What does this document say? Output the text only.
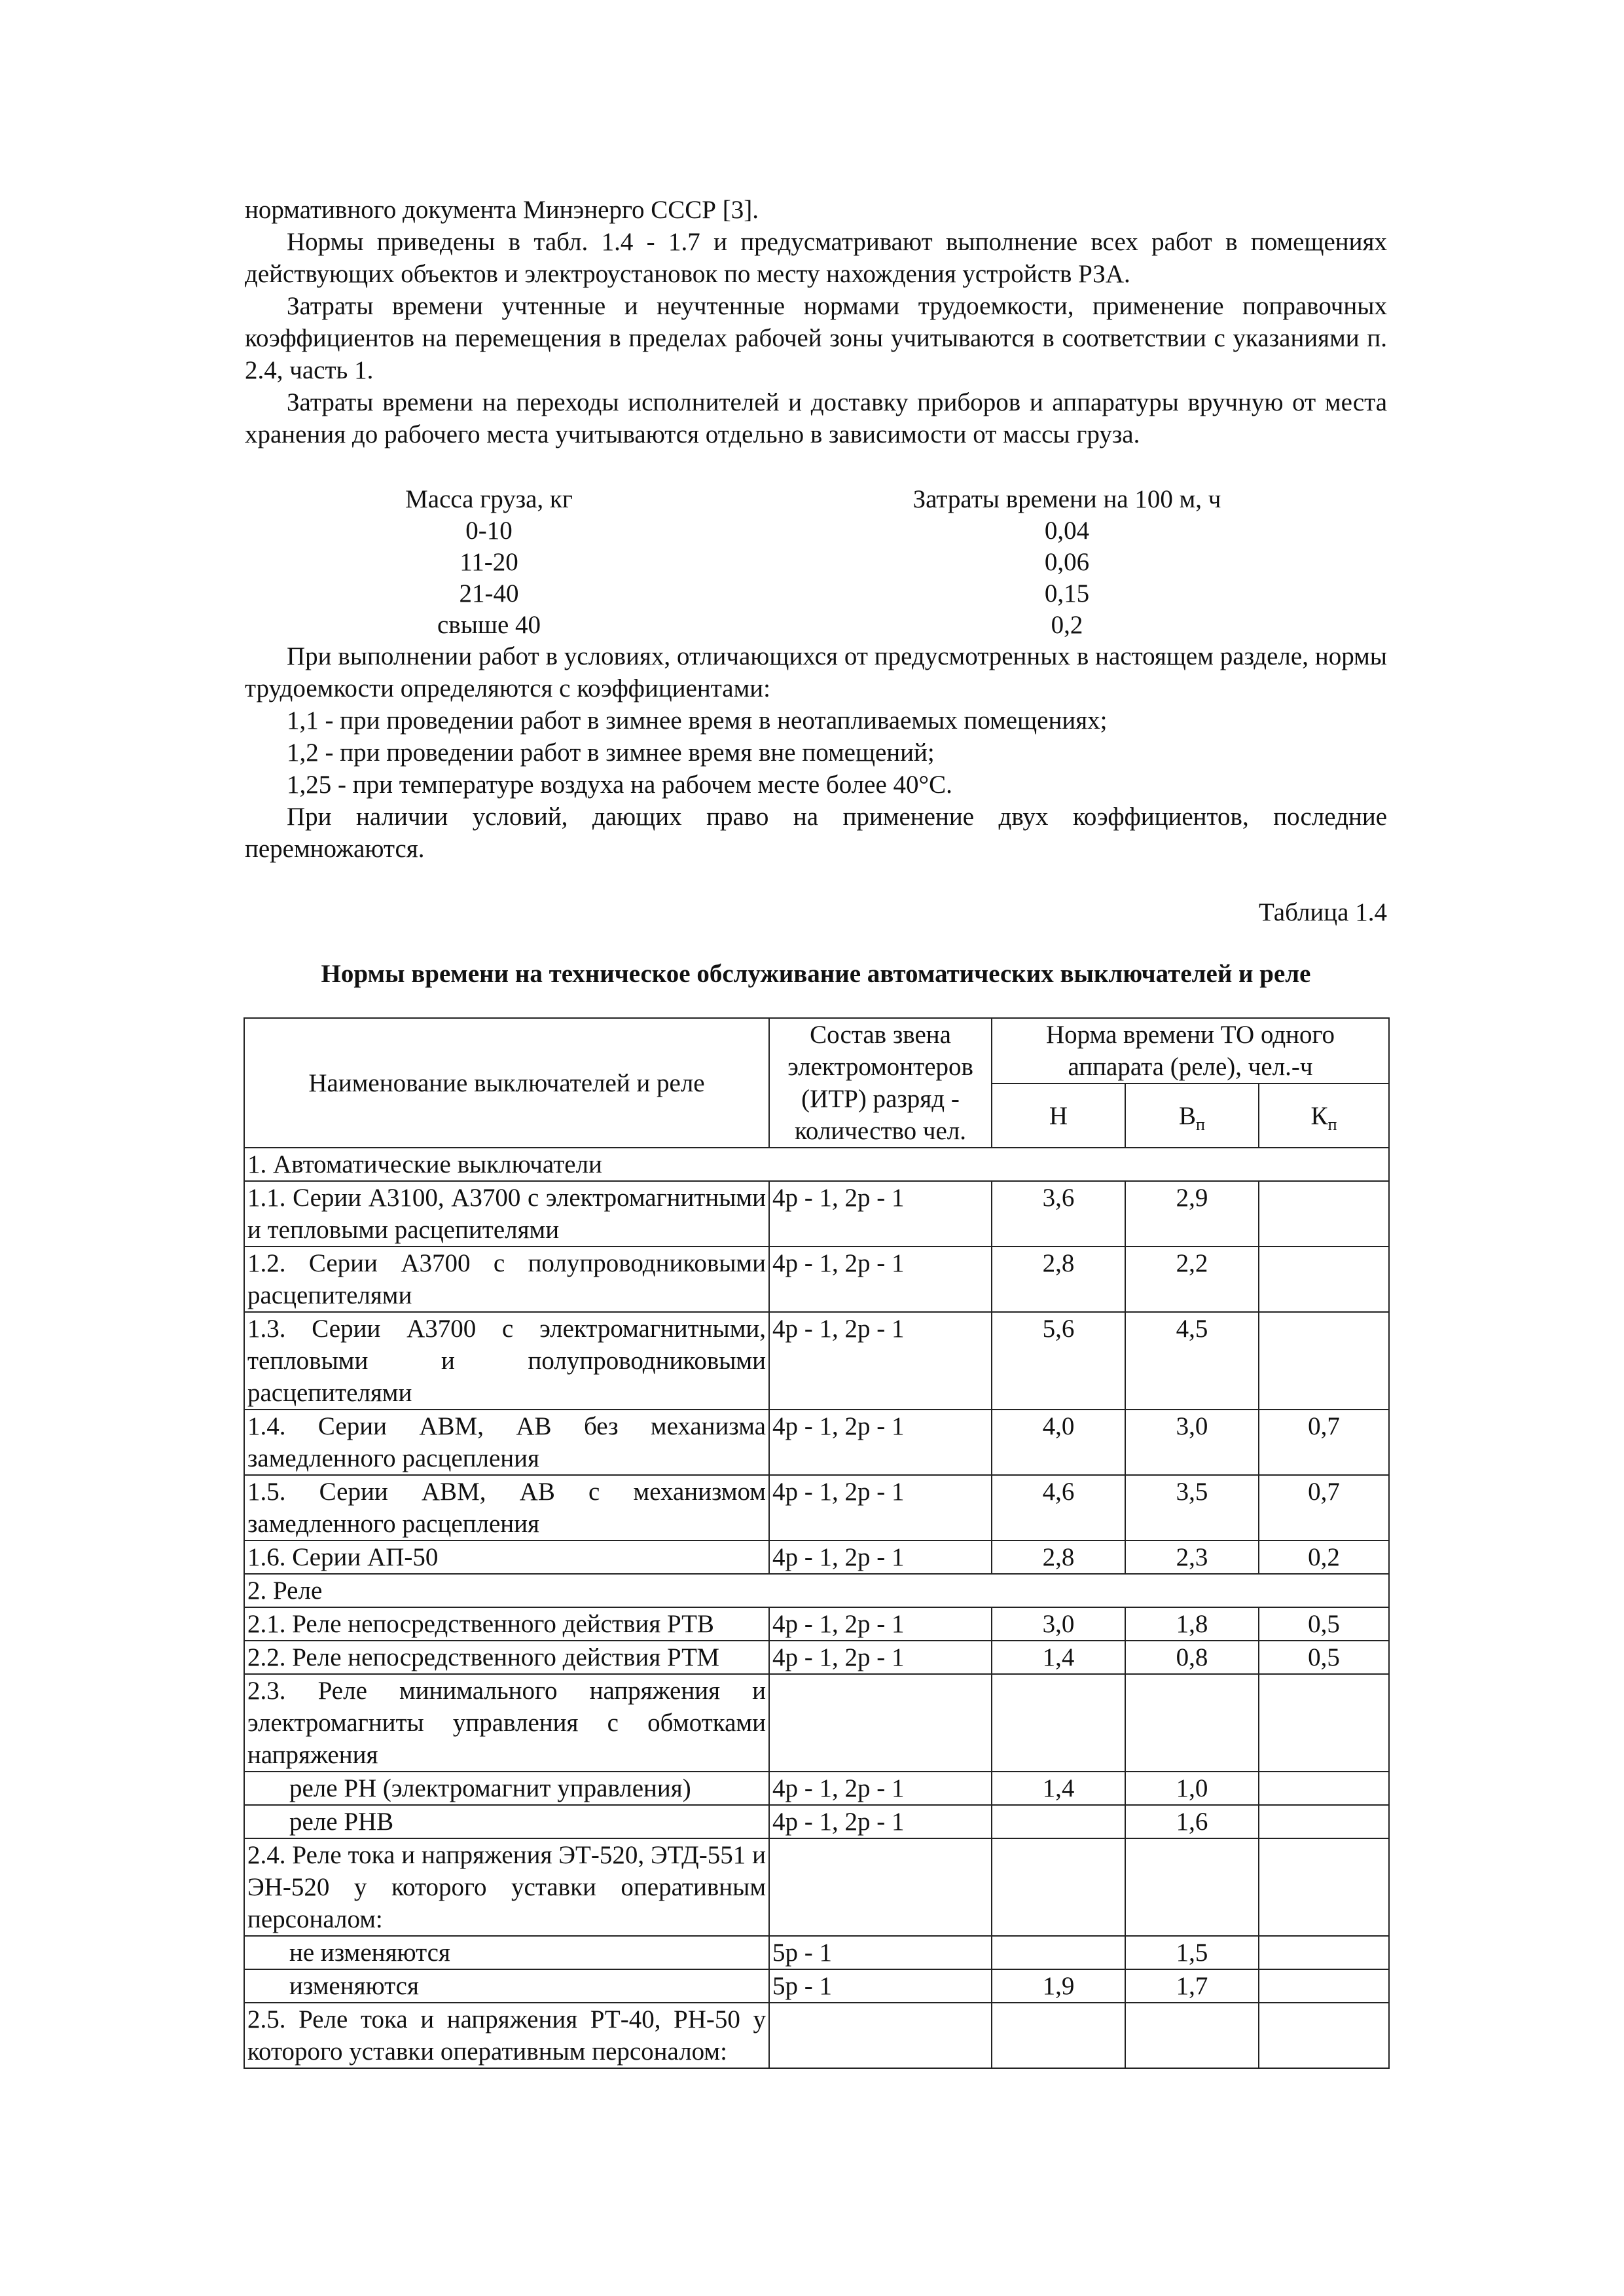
нормативного документа Минэнерго СССР [3].

Нормы приведены в табл. 1.4 - 1.7 и предусматривают выполнение всех работ в помещениях действующих объектов и электроустановок по месту нахождения устройств РЗА.

Затраты времени учтенные и неучтенные нормами трудоемкости, применение поправочных коэффициентов на перемещения в пределах рабочей зоны учитываются в соответствии с указаниями п. 2.4, часть 1.

Затраты времени на переходы исполнителей и доставку приборов и аппаратуры вручную от места хранения до рабочего места учитываются отдельно в зависимости от массы груза.

Масса груза, кг	Затраты времени на 100 м, ч
0-10	0,04
11-20	0,06
21-40	0,15
свыше 40	0,2

При выполнении работ в условиях, отличающихся от предусмотренных в настоящем разделе, нормы трудоемкости определяются с коэффициентами:

1,1 - при проведении работ в зимнее время в неотапливаемых помещениях;

1,2 - при проведении работ в зимнее время вне помещений;

1,25 - при температуре воздуха на рабочем месте более 40°С.

При наличии условий, дающих право на применение двух коэффициентов, последние перемножаются.

Таблица 1.4

Нормы времени на техническое обслуживание автоматических выключателей и реле

Наименование выключателей и реле	Состав звена электромонтеров (ИТР) разряд - количество чел.	Норма времени ТО одного аппарата (реле), чел.-ч		
		Н	$В_п$	$К_п$
1. Автоматические выключатели				
1.1. Серии А3100, А3700 с электромагнитными и тепловыми расцепителями	4р - 1, 2р - 1	3,6	2,9	
1.2. Серии А3700 с полупроводниковыми расцепителями	4р - 1, 2р - 1	2,8	2,2	
1.3. Серии А3700 с электромагнитными, тепловыми и полупроводниковыми расцепителями	4р - 1, 2р - 1	5,6	4,5	
1.4. Серии АВМ, АВ без механизма замедленного расцепления	4р - 1, 2р - 1	4,0	3,0	0,7
1.5. Серии АВМ, АВ с механизмом замедленного расцепления	4р - 1, 2р - 1	4,6	3,5	0,7
1.6. Серии АП-50	4р - 1, 2р - 1	2,8	2,3	0,2
2. Реле				
2.1. Реле непосредственного действия РТВ	4р - 1, 2р - 1	3,0	1,8	0,5
2.2. Реле непосредственного действия РТМ	4р - 1, 2р - 1	1,4	0,8	0,5
2.3. Реле минимального напряжения и электромагниты управления с обмотками напряжения				
реле РН (электромагнит управления)	4р - 1, 2р - 1	1,4	1,0	
реле РНВ	4р - 1, 2р - 1		1,6	
2.4. Реле тока и напряжения ЭТ-520, ЭТД-551 и ЭН-520 у которого уставки оперативным персоналом:				
не изменяются	5р - 1		1,5	
изменяются	5р - 1	1,9	1,7	
2.5. Реле тока и напряжения РТ-40, РН-50 у которого уставки оперативным персоналом:				
